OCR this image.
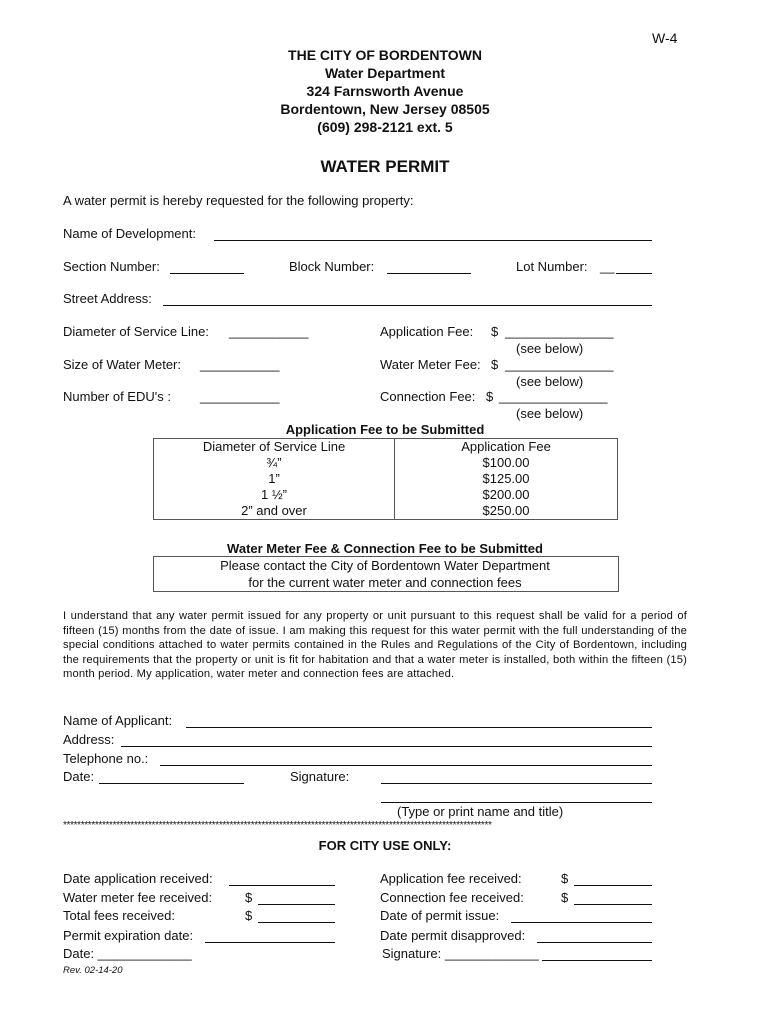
W-4
THE CITY OF BORDENTOWN
Water Department
324 Farnsworth Avenue
Bordentown, New Jersey 08505
(609) 298-2121 ext. 5
WATER PERMIT
A water permit is hereby requested for the following property:
Name of Development:
Section Number:	Block Number:	Lot Number: __
Street Address:
Diameter of Service Line: ___________
Size of Water Meter: ___________
Number of EDU's : ___________
Application Fee: $ _______________
(see below)
Water Meter Fee: $ _______________
(see below)
Connection Fee: $ _______________
(see below)
Application Fee to be Submitted
Diameter of Service Line	Application Fee
¾”	$100.00
1”	$125.00
1 ½”	$200.00
2” and over	$250.00
Water Meter Fee & Connection Fee to be Submitted
Please contact the City of Bordentown Water Department
for the current water meter and connection fees
I understand that any water permit issued for any property or unit pursuant to this request shall be valid for a period of fifteen (15) months from the date of issue. I am making this request for this water permit with the full understanding of the special conditions attached to water permits contained in the Rules and Regulations of the City of Bordentown, including the requirements that the property or unit is fit for habitation and that a water meter is installed, both within the fifteen (15) month period. My application, water meter and connection fees are attached.
Name of Applicant:
Address:
Telephone no.:
Date:	Signature:
(Type or print name and title)
*************************************************************************************************************************
FOR CITY USE ONLY:
Date application received:
Water meter fee received:	$
Total fees received:	$
Permit expiration date:
Date: _____________
Application fee received:	$
Connection fee received:	$
Date of permit issue:
Date permit disapproved:
Signature: _____________
Rev. 02-14-20
